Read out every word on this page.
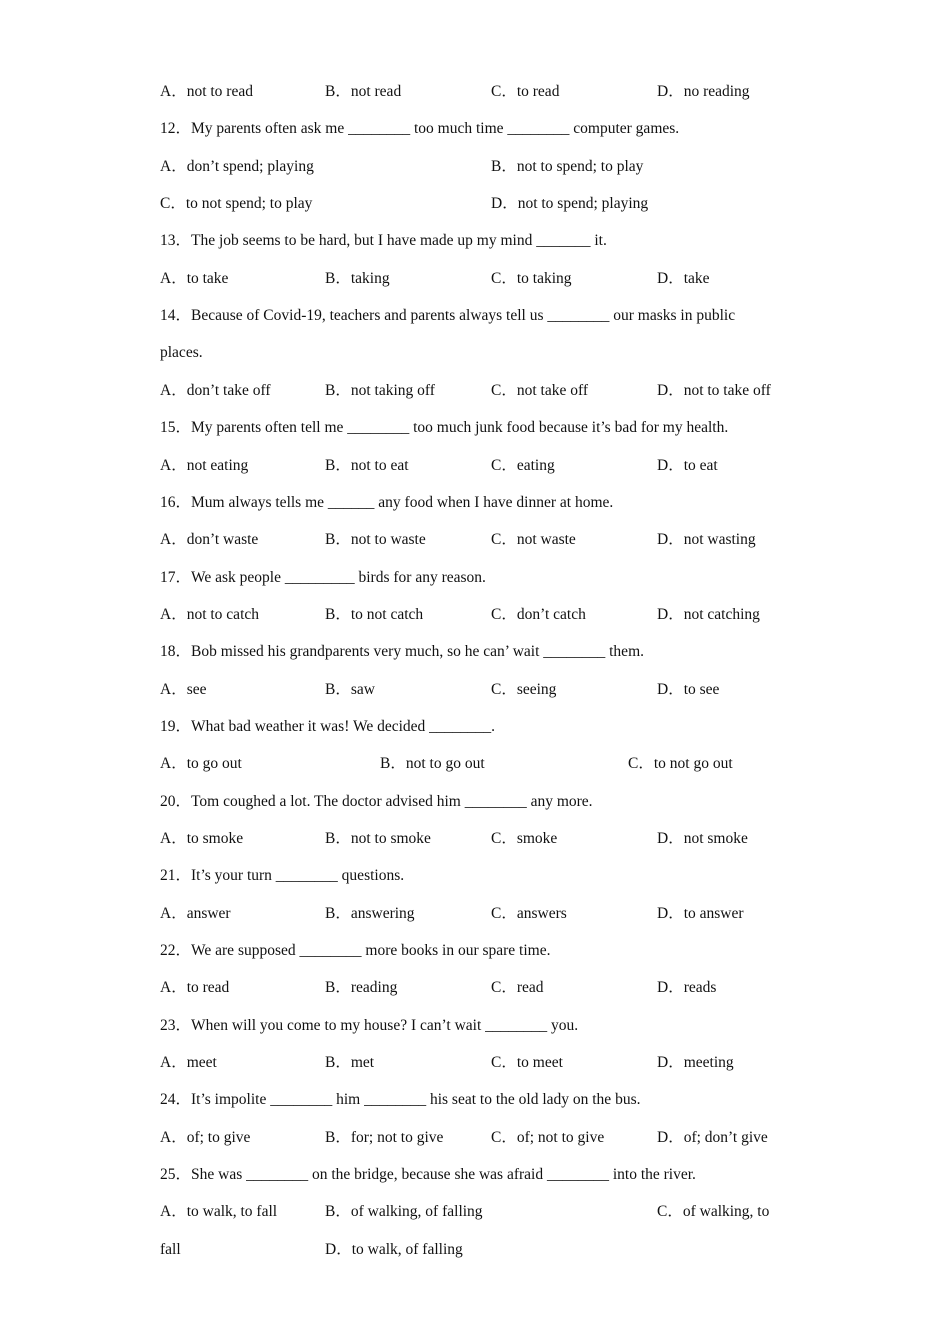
A．not to read	B．not read	C．to read	D．no reading
12．My parents often ask me ________ too much time ________ computer games.
A．don’t spend; playing	B．not to spend; to play
C．to not spend; to play	D．not to spend; playing
13．The job seems to be hard, but I have made up my mind _______ it.
A．to take	B．taking	C．to taking	D．take
14．Because of Covid-19, teachers and parents always tell us ________ our masks in public
places.
A．don’t take off	B．not taking off	C．not take off	D．not to take off
15．My parents often tell me ________ too much junk food because it’s bad for my health.
A．not eating	B．not to eat	C．eating	D．to eat
16．Mum always tells me ______ any food when I have dinner at home.
A．don’t waste	B．not to waste	C．not waste	D．not wasting
17．We ask people _________ birds for any reason.
A．not to catch	B．to not catch	C．don’t catch	D．not catching
18．Bob missed his grandparents very much, so he can’ wait ________ them.
A．see	B．saw	C．seeing	D．to see
19．What bad weather it was! We decided ________.
A．to go out	B．not to go out	C．to not go out
20．Tom coughed a lot. The doctor advised him ________ any more.
A．to smoke	B．not to smoke	C．smoke	D．not smoke
21．It’s your turn ________ questions.
A．answer	B．answering	C．answers	D．to answer
22．We are supposed ________ more books in our spare time.
A．to read	B．reading	C．read	D．reads
23．When will you come to my house? I can’t wait ________ you.
A．meet	B．met	C．to meet	D．meeting
24．It’s impolite ________ him ________ his seat to the old lady on the bus.
A．of; to give	B．for; not to give	C．of; not to give	D．of; don’t give
25．She was ________ on the bridge, because she was afraid ________ into the river.
A．to walk, to fall	B．of walking, of falling	C．of walking, to
fall	D．to walk, of falling
